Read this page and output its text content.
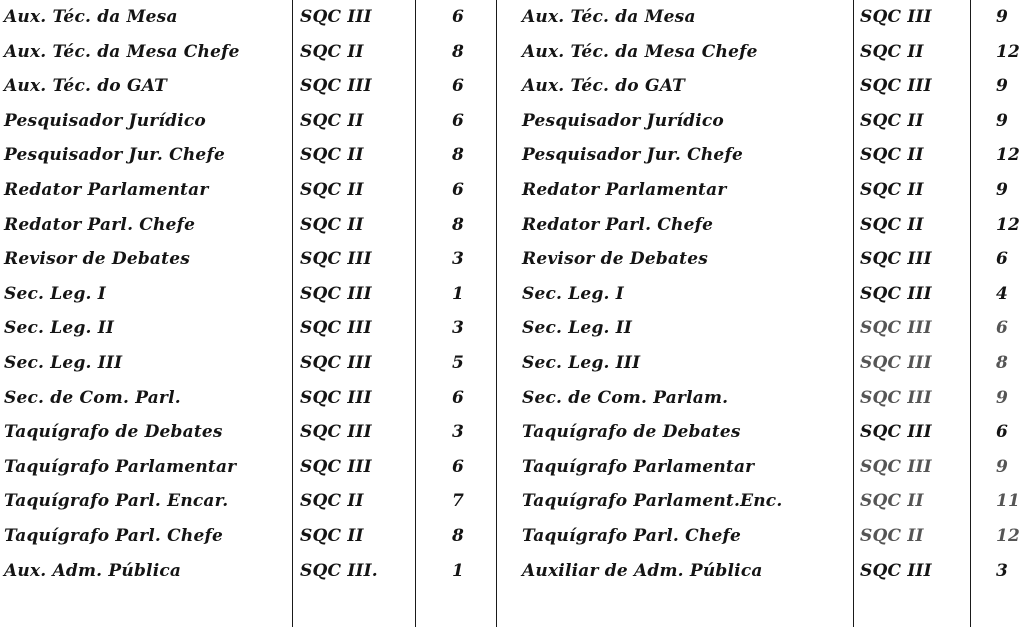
Aux. Téc. da Mesa	SQC III	6	Aux. Téc. da Mesa	SQC III	9
Aux. Téc. da Mesa Chefe	SQC II	8	Aux. Téc. da Mesa Chefe	SQC II	12
Aux. Téc. do GAT	SQC III	6	Aux. Téc. do GAT	SQC III	9
Pesquisador Jurídico	SQC II	6	Pesquisador Jurídico	SQC II	9
Pesquisador Jur. Chefe	SQC II	8	Pesquisador Jur. Chefe	SQC II	12
Redator Parlamentar	SQC II	6	Redator Parlamentar	SQC II	9
Redator Parl. Chefe	SQC II	8	Redator Parl. Chefe	SQC II	12
Revisor de Debates	SQC III	3	Revisor de Debates	SQC III	6
Sec. Leg. I	SQC III	1	Sec. Leg. I	SQC III	4
Sec. Leg. II	SQC III	3	Sec. Leg. II	SQC III	6
Sec. Leg. III	SQC III	5	Sec. Leg. III	SQC III	8
Sec. de Com. Parl.	SQC III	6	Sec. de Com. Parlam.	SQC III	9
Taquígrafo de Debates	SQC III	3	Taquígrafo de Debates	SQC III	6
Taquígrafo Parlamentar	SQC III	6	Taquígrafo Parlamentar	SQC III	9
Taquígrafo Parl. Encar.	SQC II	7	Taquígrafo Parlament.Enc.	SQC II	11
Taquígrafo Parl. Chefe	SQC II	8	Taquígrafo Parl. Chefe	SQC II	12
Aux. Adm. Pública	SQC III.	1	Auxiliar de Adm. Pública	SQC III	3
